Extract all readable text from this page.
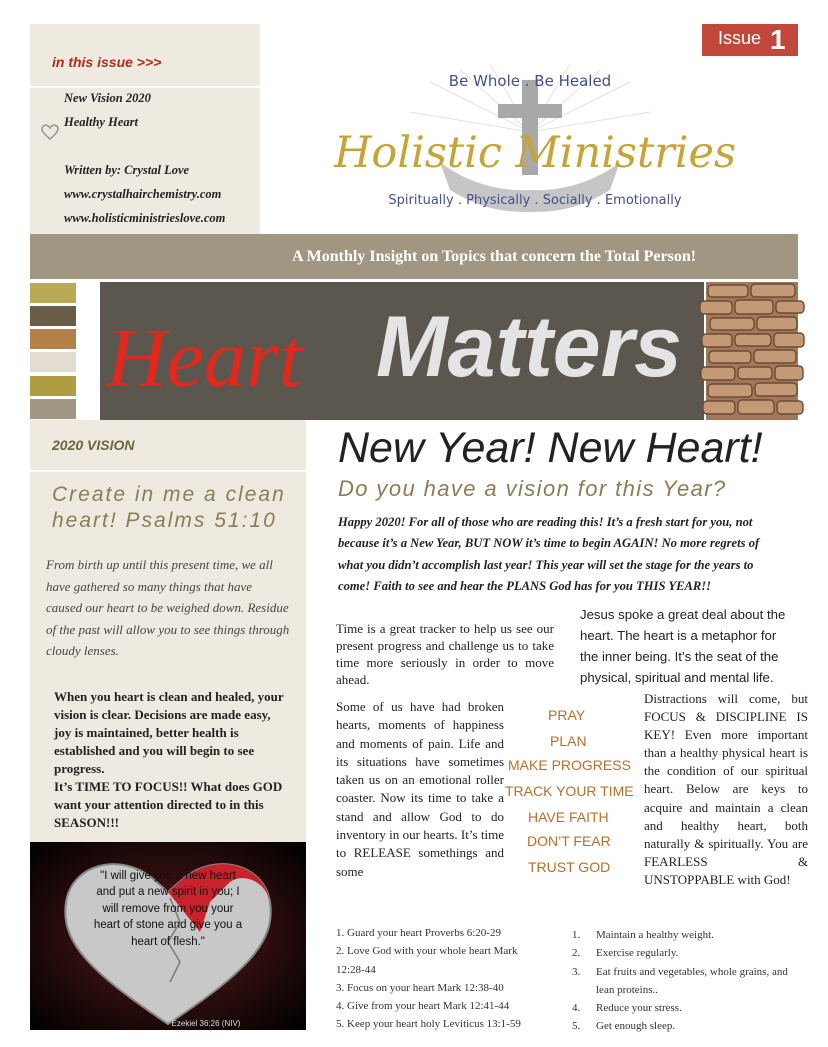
Issue 1
in this issue >>>
New Vision 2020
Healthy Heart
Written by: Crystal Love
www.crystalhairchemistry.com
www.holisticministrieslove.com
Be Whole . Be Healed
Holistic Ministries
Spiritually . Physically . Socially . Emotionally
A Monthly Insight on Topics that concern the Total Person!
Heart Matters
2020 VISION
Create in me a clean heart! Psalms 51:10
From birth up until this present time, we all have gathered so many things that have caused our heart to be weighed down. Residue of the past will allow you to see things through cloudy lenses.
When you heart is clean and healed, your vision is clear. Decisions are made easy, joy is maintained, better health is established and you will begin to see progress.
It’s TIME TO FOCUS!! What does GOD want your attention directed to in this SEASON!!!
"I will give you a new heart and put a new spirit in you; I will remove from you your heart of stone and give you a heart of flesh."
Ezekiel 36:26 (NIV)
New Year! New Heart!
Do you have a vision for this Year?
Happy 2020! For all of those who are reading this! It’s a fresh start for you, not because it’s a New Year, BUT NOW it’s time to begin AGAIN! No more regrets of what you didn’t accomplish last year! This year will set the stage for the years to come! Faith to see and hear the PLANS God has for you THIS YEAR!!
Jesus spoke a great deal about the heart. The heart is a metaphor for the inner being. It’s the seat of the physical, spiritual and mental life.
Time is a great tracker to help us see our present progress and challenge us to take time more seriously in order to move ahead.
Some of us have had broken hearts, moments of happiness and moments of pain. Life and its situations have sometimes taken us on an emotional roller coaster. Now its time to take a stand and allow God to do inventory in our hearts. It’s time to RELEASE somethings and some
Distractions will come, but FOCUS & DISCIPLINE IS KEY! Even more important than a healthy physical heart is the condition of our spiritual heart. Below are keys to acquire and maintain a clean and healthy heart, both naturally & spiritually. You are FEARLESS & UNSTOPPABLE with God!
PRAY
PLAN
MAKE PROGRESS
TRACK YOUR TIME
HAVE FAITH
DON’T FEAR
TRUST GOD
1. Guard your heart Proverbs 6:20-29
2. Love God with your whole heart Mark 12:28-44
3. Focus on your heart Mark 12:38-40
4. Give from your heart Mark 12:41-44
5. Keep your heart holy Leviticus 13:1-59
1. Maintain a healthy weight.
2. Exercise regularly.
3. Eat fruits and vegetables, whole grains, and lean proteins..
4. Reduce your stress.
5. Get enough sleep.
